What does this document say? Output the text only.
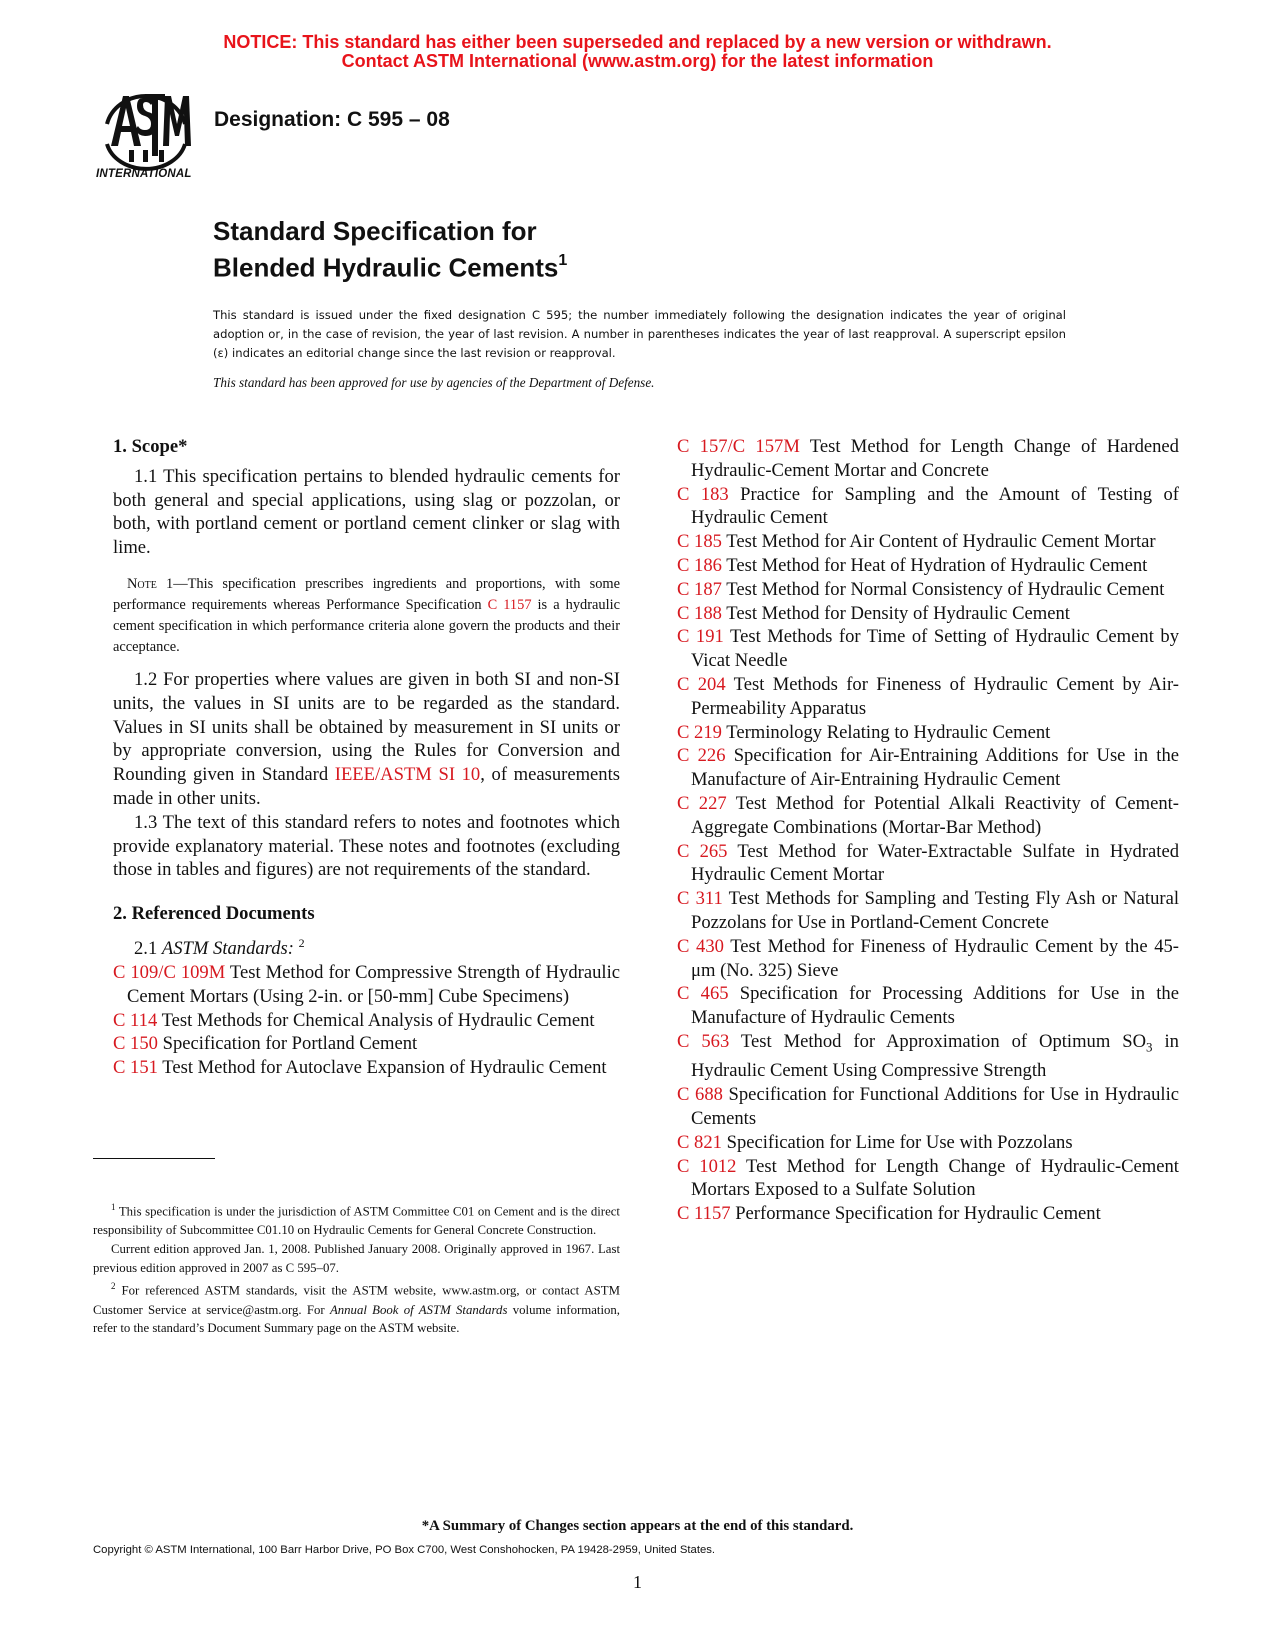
NOTICE: This standard has either been superseded and replaced by a new version or withdrawn.
Contact ASTM International (www.astm.org) for the latest information
INTERNATIONAL
Designation: C 595 – 08
Standard Specification for
Blended Hydraulic Cements$^1$
This standard is issued under the fixed designation C 595; the number immediately following the designation indicates the year of original adoption or, in the case of revision, the year of last revision. A number in parentheses indicates the year of last reapproval. A superscript epsilon (ε) indicates an editorial change since the last revision or reapproval.
This standard has been approved for use by agencies of the Department of Defense.
1. Scope*

1.1 This specification pertains to blended hydraulic cements for both general and special applications, using slag or pozzolan, or both, with portland cement or portland cement clinker or slag with lime.

Note 1—This specification prescribes ingredients and proportions, with some performance requirements whereas Performance Specification C 1157 is a hydraulic cement specification in which performance criteria alone govern the products and their acceptance.

1.2 For properties where values are given in both SI and non-SI units, the values in SI units are to be regarded as the standard. Values in SI units shall be obtained by measurement in SI units or by appropriate conversion, using the Rules for Conversion and Rounding given in Standard IEEE/ASTM SI 10, of measurements made in other units.

1.3 The text of this standard refers to notes and footnotes which provide explanatory material. These notes and footnotes (excluding those in tables and figures) are not requirements of the standard.

2. Referenced Documents
2.1 ASTM Standards: $^2$

C 109/C 109M Test Method for Compressive Strength of Hydraulic Cement Mortars (Using 2-in. or [50-mm] Cube Specimens)

C 114 Test Methods for Chemical Analysis of Hydraulic Cement

C 150 Specification for Portland Cement

C 151 Test Method for Autoclave Expansion of Hydraulic Cement

C 157/C 157M Test Method for Length Change of Hardened Hydraulic-Cement Mortar and Concrete

C 183 Practice for Sampling and the Amount of Testing of Hydraulic Cement

C 185 Test Method for Air Content of Hydraulic Cement Mortar

C 186 Test Method for Heat of Hydration of Hydraulic Cement

C 187 Test Method for Normal Consistency of Hydraulic Cement

C 188 Test Method for Density of Hydraulic Cement

C 191 Test Methods for Time of Setting of Hydraulic Cement by Vicat Needle

C 204 Test Methods for Fineness of Hydraulic Cement by Air-Permeability Apparatus

C 219 Terminology Relating to Hydraulic Cement

C 226 Specification for Air-Entraining Additions for Use in the Manufacture of Air-Entraining Hydraulic Cement

C 227 Test Method for Potential Alkali Reactivity of Cement-Aggregate Combinations (Mortar-Bar Method)

C 265 Test Method for Water-Extractable Sulfate in Hydrated Hydraulic Cement Mortar

C 311 Test Methods for Sampling and Testing Fly Ash or Natural Pozzolans for Use in Portland-Cement Concrete

C 430 Test Method for Fineness of Hydraulic Cement by the 45-μm (No. 325) Sieve

C 465 Specification for Processing Additions for Use in the Manufacture of Hydraulic Cements

C 563 Test Method for Approximation of Optimum $SO_3$ in Hydraulic Cement Using Compressive Strength

C 688 Specification for Functional Additions for Use in Hydraulic Cements

C 821 Specification for Lime for Use with Pozzolans

C 1012 Test Method for Length Change of Hydraulic-Cement Mortars Exposed to a Sulfate Solution

C 1157 Performance Specification for Hydraulic Cement

$^1$ This specification is under the jurisdiction of ASTM Committee C01 on Cement and is the direct responsibility of Subcommittee C01.10 on Hydraulic Cements for General Concrete Construction.

Current edition approved Jan. 1, 2008. Published January 2008. Originally approved in 1967. Last previous edition approved in 2007 as C 595–07.

$^2$ For referenced ASTM standards, visit the ASTM website, www.astm.org, or contact ASTM Customer Service at service@astm.org. For Annual Book of ASTM Standards volume information, refer to the standard’s Document Summary page on the ASTM website.

*A Summary of Changes section appears at the end of this standard.
Copyright © ASTM International, 100 Barr Harbor Drive, PO Box C700, West Conshohocken, PA 19428-2959, United States.
1
